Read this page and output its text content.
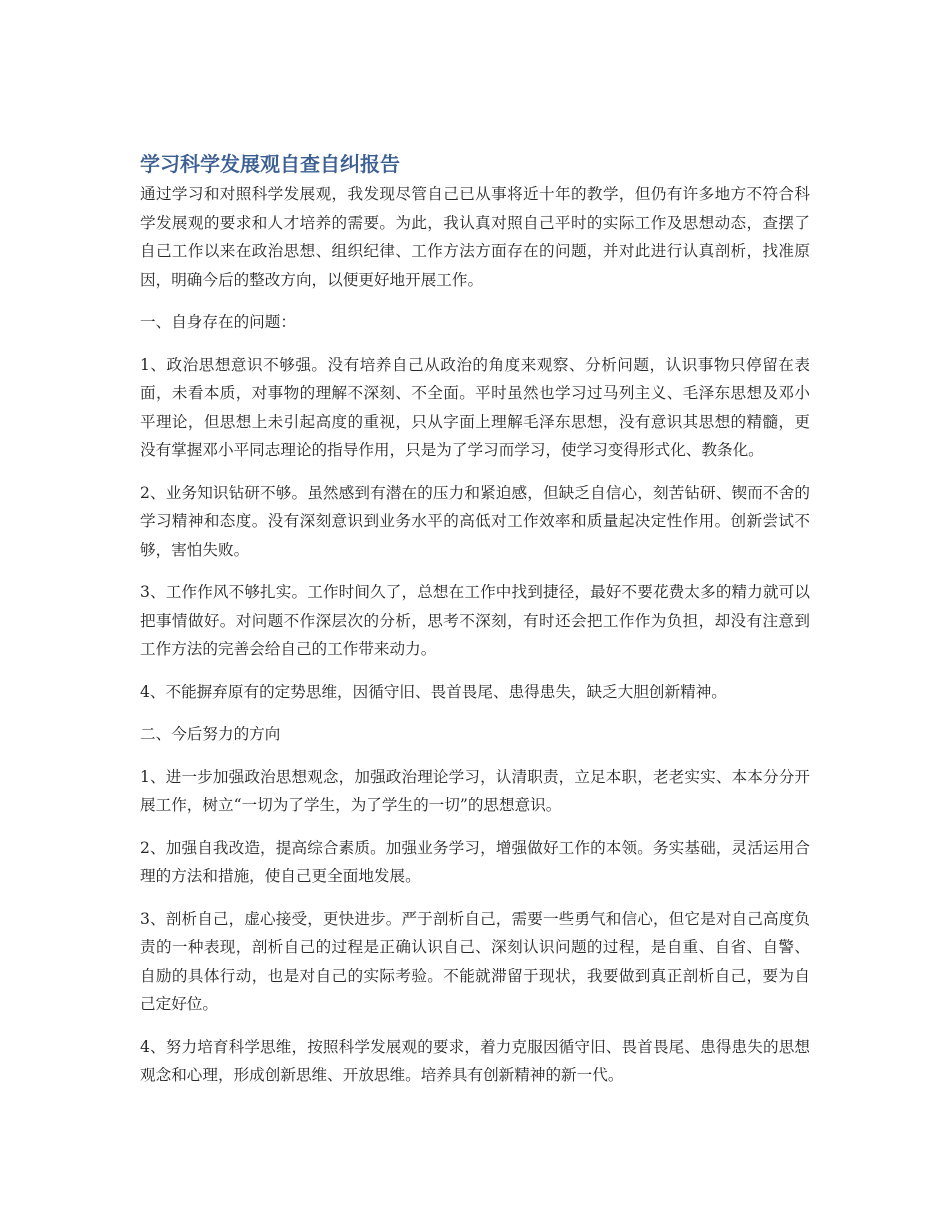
学习科学发展观自查自纠报告

通过学习和对照科学发展观，我发现尽管自己已从事将近十年的教学，但仍有许多地方不符合科学发展观的要求和人才培养的需要。为此，我认真对照自己平时的实际工作及思想动态，查摆了自己工作以来在政治思想、组织纪律、工作方法方面存在的问题，并对此进行认真剖析，找准原因，明确今后的整改方向，以便更好地开展工作。

一、自身存在的问题：

1、政治思想意识不够强。没有培养自己从政治的角度来观察、分析问题，认识事物只停留在表面，未看本质，对事物的理解不深刻、不全面。平时虽然也学习过马列主义、毛泽东思想及邓小平理论，但思想上未引起高度的重视，只从字面上理解毛泽东思想，没有意识其思想的精髓，更没有掌握邓小平同志理论的指导作用，只是为了学习而学习，使学习变得形式化、教条化。

2、业务知识钻研不够。虽然感到有潜在的压力和紧迫感，但缺乏自信心，刻苦钻研、锲而不舍的学习精神和态度。没有深刻意识到业务水平的高低对工作效率和质量起决定性作用。创新尝试不够，害怕失败。

3、工作作风不够扎实。工作时间久了，总想在工作中找到捷径，最好不要花费太多的精力就可以把事情做好。对问题不作深层次的分析，思考不深刻，有时还会把工作作为负担，却没有注意到工作方法的完善会给自己的工作带来动力。

4、不能摒弃原有的定势思维，因循守旧、畏首畏尾、患得患失，缺乏大胆创新精神。

二、今后努力的方向

1、进一步加强政治思想观念，加强政治理论学习，认清职责，立足本职，老老实实、本本分分开展工作，树立“一切为了学生，为了学生的一切”的思想意识。

2、加强自我改造，提高综合素质。加强业务学习，增强做好工作的本领。务实基础，灵活运用合理的方法和措施，使自己更全面地发展。

3、剖析自己，虚心接受，更快进步。严于剖析自己，需要一些勇气和信心，但它是对自己高度负责的一种表现，剖析自己的过程是正确认识自己、深刻认识问题的过程，是自重、自省、自警、自励的具体行动，也是对自己的实际考验。不能就滞留于现状，我要做到真正剖析自己，要为自己定好位。

4、努力培育科学思维，按照科学发展观的要求，着力克服因循守旧、畏首畏尾、患得患失的思想观念和心理，形成创新思维、开放思维。培养具有创新精神的新一代。
